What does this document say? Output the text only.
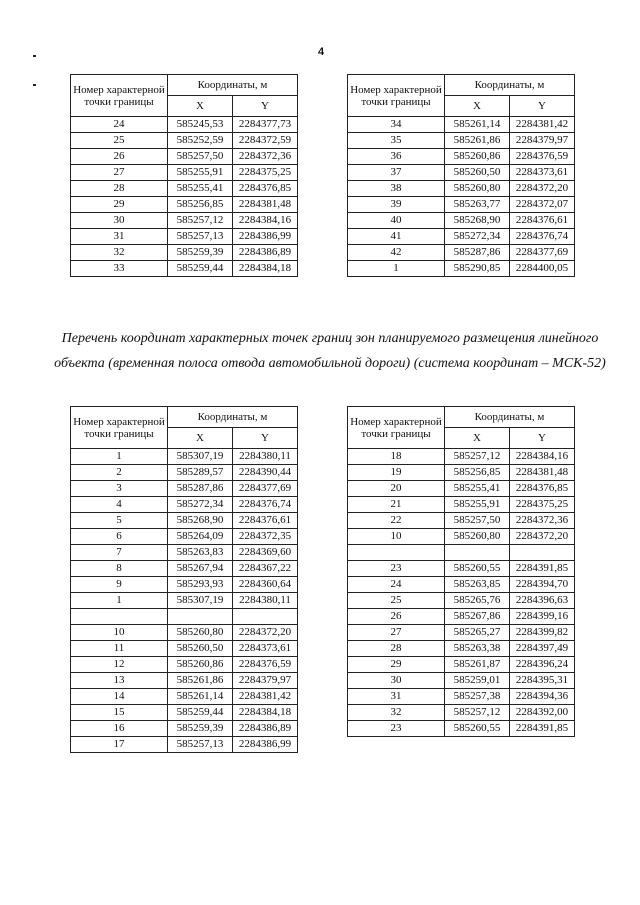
4
Номер характерной точки границы	Координаты, м	
	X	Y
24	585245,53	2284377,73
25	585252,59	2284372,59
26	585257,50	2284372,36
27	585255,91	2284375,25
28	585255,41	2284376,85
29	585256,85	2284381,48
30	585257,12	2284384,16
31	585257,13	2284386,99
32	585259,39	2284386,89
33	585259,44	2284384,18
Номер характерной точки границы	Координаты, м	
	X	Y
34	585261,14	2284381,42
35	585261,86	2284379,97
36	585260,86	2284376,59
37	585260,50	2284373,61
38	585260,80	2284372,20
39	585263,77	2284372,07
40	585268,90	2284376,61
41	585272,34	2284376,74
42	585287,86	2284377,69
1	585290,85	2284400,05
Перечень координат характерных точек границ зон планируемого размещения линейного объекта (временная полоса отвода автомобильной дороги) (система координат – МСК-52)
Номер характерной точки границы	Координаты, м	
	X	Y
1	585307,19	2284380,11
2	585289,57	2284390,44
3	585287,86	2284377,69
4	585272,34	2284376,74
5	585268,90	2284376,61
6	585264,09	2284372,35
7	585263,83	2284369,60
8	585267,94	2284367,22
9	585293,93	2284360,64
1	585307,19	2284380,11

10	585260,80	2284372,20
11	585260,50	2284373,61
12	585260,86	2284376,59
13	585261,86	2284379,97
14	585261,14	2284381,42
15	585259,44	2284384,18
16	585259,39	2284386,89
17	585257,13	2284386,99
Номер характерной точки границы	Координаты, м	
	X	Y
18	585257,12	2284384,16
19	585256,85	2284381,48
20	585255,41	2284376,85
21	585255,91	2284375,25
22	585257,50	2284372,36
10	585260,80	2284372,20

23	585260,55	2284391,85
24	585263,85	2284394,70
25	585265,76	2284396,63
26	585267,86	2284399,16
27	585265,27	2284399,82
28	585263,38	2284397,49
29	585261,87	2284396,24
30	585259,01	2284395,31
31	585257,38	2284394,36
32	585257,12	2284392,00
23	585260,55	2284391,85
